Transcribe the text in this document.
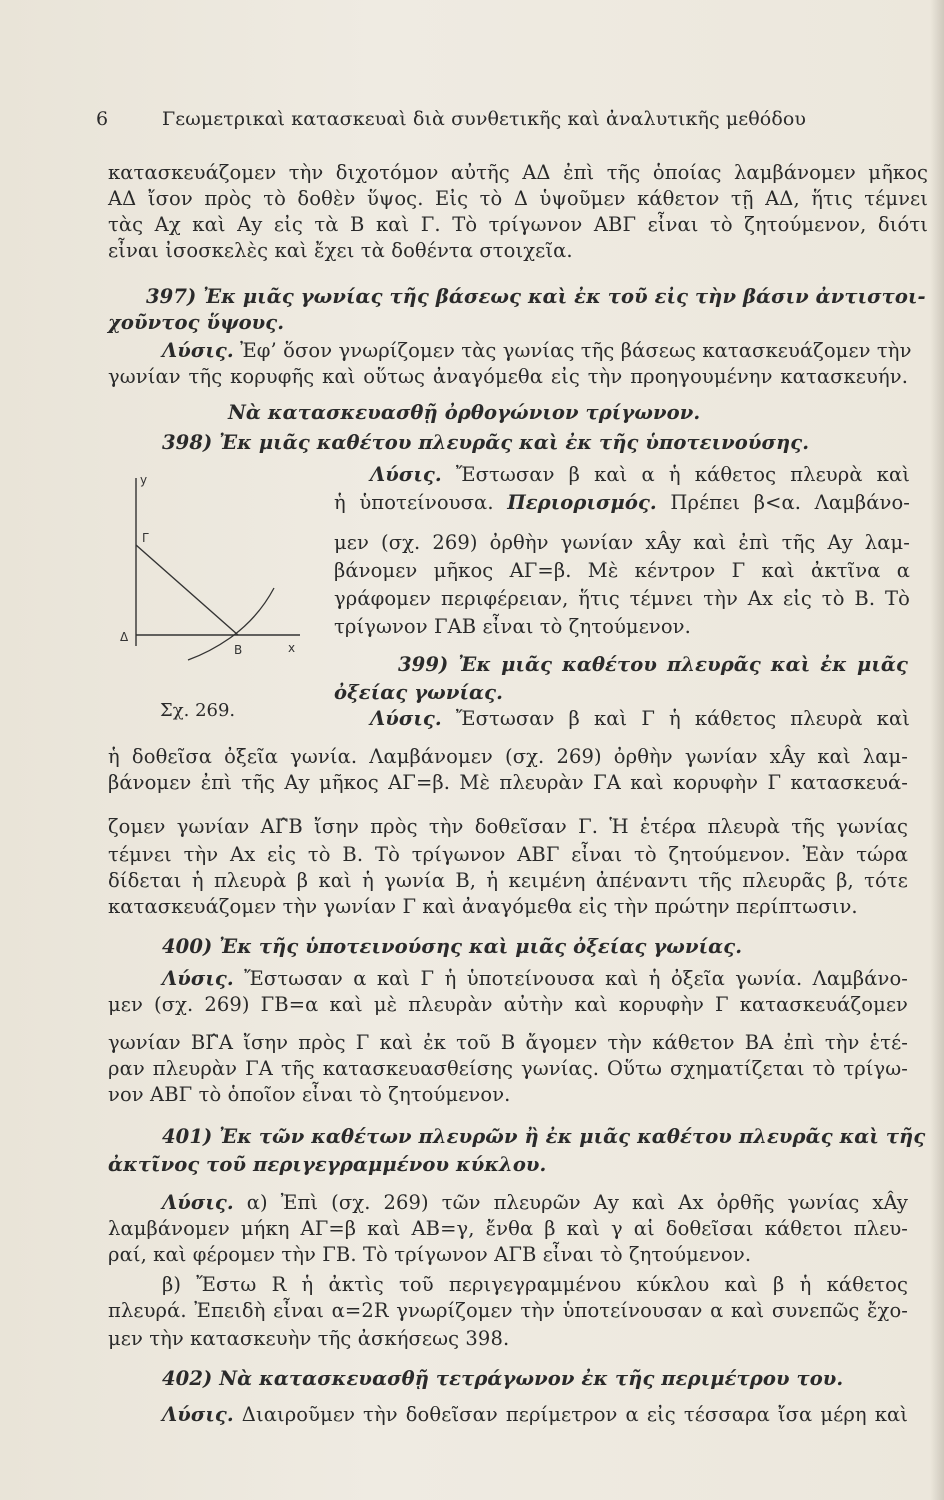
6	Γεωμετρικαὶ κατασκευαὶ διὰ συνθετικῆς καὶ ἀναλυτικῆς μεθόδου
κατασκευάζομεν τὴν διχοτόμον αὐτῆς ΑΔ ἐπὶ τῆς ὁποίας λαμβάνομεν μῆκος
ΑΔ ἴσον πρὸς τὸ δοθὲν ὕψος. Εἰς τὸ Δ ὑψοῦμεν κάθετον τῇ ΑΔ, ἥτις τέμνει
τὰς Αχ καὶ Αy εἰς τὰ Β καὶ Γ. Τὸ τρίγωνον ΑΒΓ εἶναι τὸ ζητούμενον, διότι
εἶναι ἰσοσκελὲς καὶ ἔχει τὰ δοθέντα στοιχεῖα.
397) Ἐκ μιᾶς γωνίας τῆς βάσεως καὶ ἐκ τοῦ εἰς τὴν βάσιν ἀντιστοι-
χοῦντος ὕψους.
Λύσις. Ἐφ’ ὅσον γνωρίζομεν τὰς γωνίας τῆς βάσεως κατασκευάζομεν τὴν
γωνίαν τῆς κορυφῆς καὶ οὕτως ἀναγόμεθα εἰς τὴν προηγουμένην κατασκευήν.
Νὰ κατασκευασθῇ ὀρθογώνιον τρίγωνον.
398) Ἐκ μιᾶς καθέτου πλευρᾶς καὶ ἐκ τῆς ὑποτεινούσης.
y
Γ
Δ
Β	x
Σχ. 269.
Λύσις. Ἔστωσαν β καὶ α ἡ κάθετος πλευρὰ καὶ
ἡ ὑποτείνουσα. Περιορισμός. Πρέπει β<α. Λαμβάνο-
μεν (σχ. 269) ὀρθὴν γωνίαν xÂy καὶ ἐπὶ τῆς Αy λαμ-
βάνομεν μῆκος ΑΓ=β. Μὲ κέντρον Γ καὶ ἀκτῖνα α
γράφομεν περιφέρειαν, ἥτις τέμνει τὴν Αx εἰς τὸ Β. Τὸ
τρίγωνον ΓΑΒ εἶναι τὸ ζητούμενον.
399) Ἐκ μιᾶς καθέτου πλευρᾶς καὶ ἐκ μιᾶς
ὀξείας γωνίας.
Λύσις. Ἔστωσαν β καὶ Γ ἡ κάθετος πλευρὰ καὶ
ἡ δοθεῖσα ὀξεῖα γωνία. Λαμβάνομεν (σχ. 269) ὀρθὴν γωνίαν xÂy καὶ λαμ-
βάνομεν ἐπὶ τῆς Αy μῆκος ΑΓ=β. Μὲ πλευρὰν ΓΑ καὶ κορυφὴν Γ κατασκευά-
ζομεν γωνίαν ΑΓ̂Β ἴσην πρὸς τὴν δοθεῖσαν Γ. Ἡ ἑτέρα πλευρὰ τῆς γωνίας
τέμνει τὴν Αx εἰς τὸ Β. Τὸ τρίγωνον ΑΒΓ εἶναι τὸ ζητούμενον. Ἐὰν τώρα
δίδεται ἡ πλευρὰ β καὶ ἡ γωνία Β, ἡ κειμένη ἀπέναντι τῆς πλευρᾶς β, τότε
κατασκευάζομεν τὴν γωνίαν Γ καὶ ἀναγόμεθα εἰς τὴν πρώτην περίπτωσιν.
400) Ἐκ τῆς ὑποτεινούσης καὶ μιᾶς ὀξείας γωνίας.
Λύσις. Ἔστωσαν α καὶ Γ ἡ ὑποτείνουσα καὶ ἡ ὀξεῖα γωνία. Λαμβάνο-
μεν (σχ. 269) ΓΒ=α καὶ μὲ πλευρὰν αὐτὴν καὶ κορυφὴν Γ κατασκευάζομεν
γωνίαν ΒΓ̂Α ἴσην πρὸς Γ καὶ ἐκ τοῦ Β ἄγομεν τὴν κάθετον ΒΑ ἐπὶ τὴν ἑτέ-
ραν πλευρὰν ΓΑ τῆς κατασκευασθείσης γωνίας. Οὕτω σχηματίζεται τὸ τρίγω-
νον ΑΒΓ τὸ ὁποῖον εἶναι τὸ ζητούμενον.
401) Ἐκ τῶν καθέτων πλευρῶν ἢ ἐκ μιᾶς καθέτου πλευρᾶς καὶ τῆς
ἀκτῖνος τοῦ περιγεγραμμένου κύκλου.
Λύσις. α) Ἐπὶ (σχ. 269) τῶν πλευρῶν Αy καὶ Αx ὀρθῆς γωνίας xÂy
λαμβάνομεν μήκη ΑΓ=β καὶ ΑΒ=γ, ἔνθα β καὶ γ αἱ δοθεῖσαι κάθετοι πλευ-
ραί, καὶ φέρομεν τὴν ΓΒ. Τὸ τρίγωνον ΑΓΒ εἶναι τὸ ζητούμενον.
β) Ἔστω R ἡ ἀκτὶς τοῦ περιγεγραμμένου κύκλου καὶ β ἡ κάθετος
πλευρά. Ἐπειδὴ εἶναι α=2R γνωρίζομεν τὴν ὑποτείνουσαν α καὶ συνεπῶς ἔχο-
μεν τὴν κατασκευὴν τῆς ἀσκήσεως 398.
402) Νὰ κατασκευασθῇ τετράγωνον ἐκ τῆς περιμέτρου του.
Λύσις. Διαιροῦμεν τὴν δοθεῖσαν περίμετρον α εἰς τέσσαρα ἴσα μέρη καὶ
